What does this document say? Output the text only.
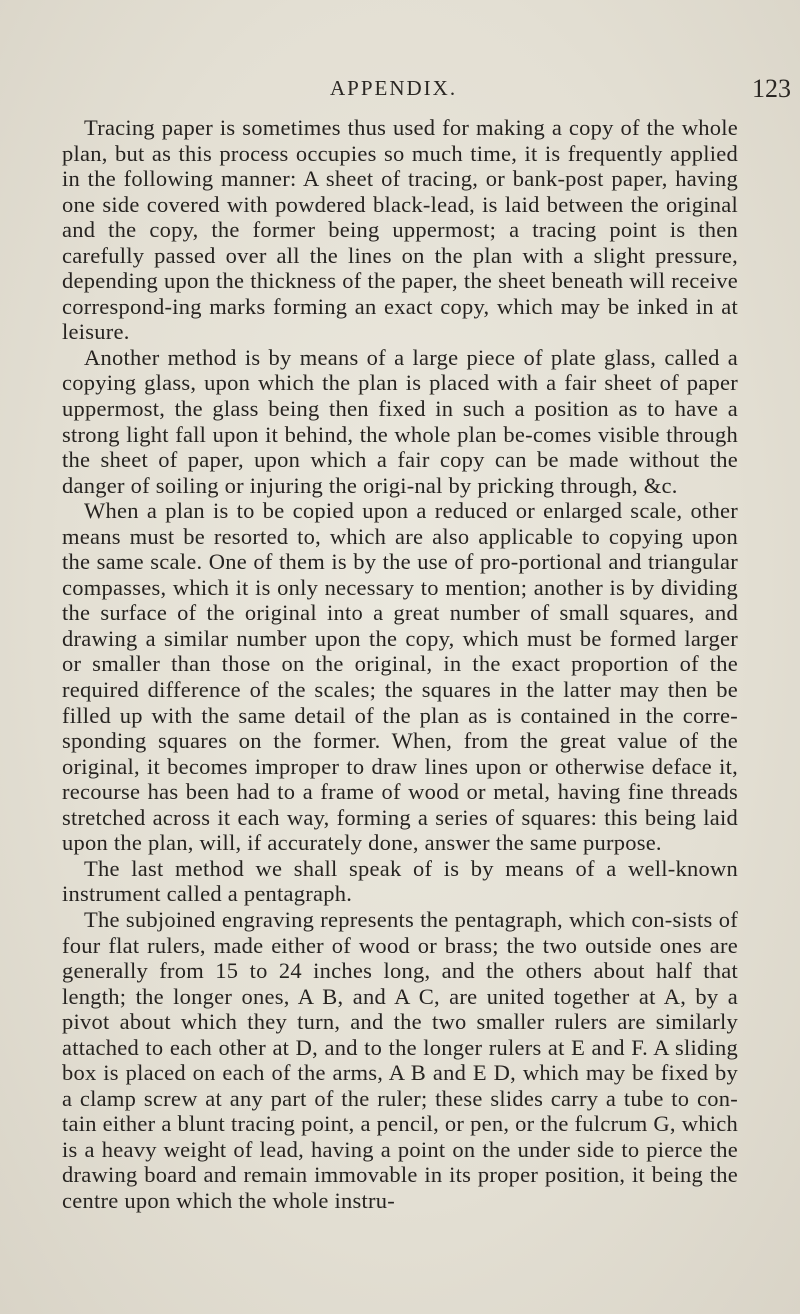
APPENDIX.	123

Tracing paper is sometimes thus used for making a copy of the whole plan, but as this process occupies so much time, it is frequently applied in the following manner: A sheet of tracing, or bank-post paper, having one side covered with powdered black-lead, is laid between the original and the copy, the former being uppermost; a tracing point is then carefully passed over all the lines on the plan with a slight pressure, depending upon the thickness of the paper, the sheet beneath will receive correspond-ing marks forming an exact copy, which may be inked in at leisure.

Another method is by means of a large piece of plate glass, called a copying glass, upon which the plan is placed with a fair sheet of paper uppermost, the glass being then fixed in such a position as to have a strong light fall upon it behind, the whole plan be-comes visible through the sheet of paper, upon which a fair copy can be made without the danger of soiling or injuring the origi-nal by pricking through, &c.

When a plan is to be copied upon a reduced or enlarged scale, other means must be resorted to, which are also applicable to copying upon the same scale. One of them is by the use of pro-portional and triangular compasses, which it is only necessary to mention; another is by dividing the surface of the original into a great number of small squares, and drawing a similar number upon the copy, which must be formed larger or smaller than those on the original, in the exact proportion of the required difference of the scales; the squares in the latter may then be filled up with the same detail of the plan as is contained in the corre-sponding squares on the former. When, from the great value of the original, it becomes improper to draw lines upon or otherwise deface it, recourse has been had to a frame of wood or metal, having fine threads stretched across it each way, forming a series of squares: this being laid upon the plan, will, if accurately done, answer the same purpose.

The last method we shall speak of is by means of a well-known instrument called a pentagraph.

The subjoined engraving represents the pentagraph, which con-sists of four flat rulers, made either of wood or brass; the two outside ones are generally from 15 to 24 inches long, and the others about half that length; the longer ones, A B, and A C, are united together at A, by a pivot about which they turn, and the two smaller rulers are similarly attached to each other at D, and to the longer rulers at E and F. A sliding box is placed on each of the arms, A B and E D, which may be fixed by a clamp screw at any part of the ruler; these slides carry a tube to con-tain either a blunt tracing point, a pencil, or pen, or the fulcrum G, which is a heavy weight of lead, having a point on the under side to pierce the drawing board and remain immovable in its proper position, it being the centre upon which the whole instru-
